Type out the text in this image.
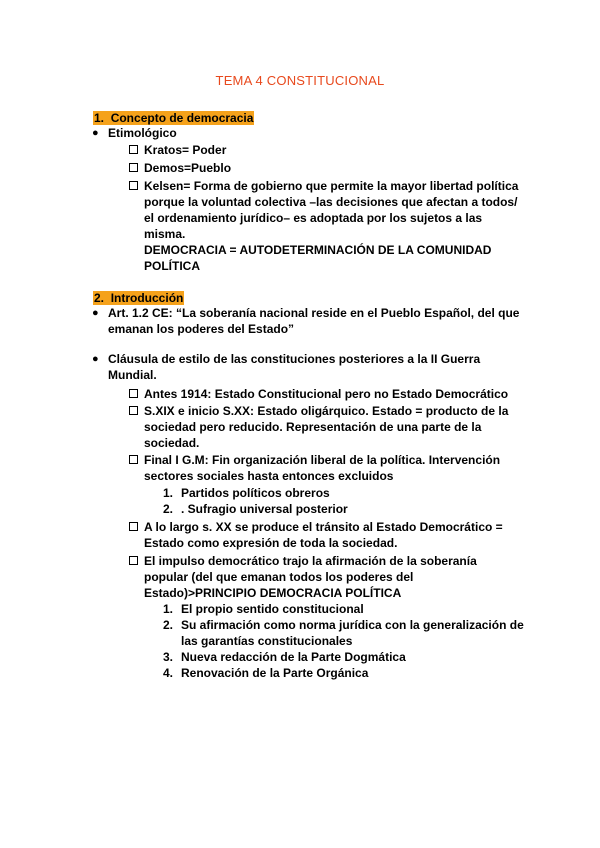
TEMA 4 CONSTITUCIONAL
1. Concepto de democracia
● Etimológico
Kratos= Poder
Demos=Pueblo
Kelsen= Forma de gobierno que permite la mayor libertad política
porque la voluntad colectiva –las decisiones que afectan a todos/
el ordenamiento jurídico– es adoptada por los sujetos a las
misma.
DEMOCRACIA = AUTODETERMINACIÓN DE LA COMUNIDAD
POLÍTICA
2. Introducción
● Art. 1.2 CE: “La soberanía nacional reside en el Pueblo Español, del que
emanan los poderes del Estado”
● Cláusula de estilo de las constituciones posteriores a la II Guerra
Mundial.
Antes 1914: Estado Constitucional pero no Estado Democrático
S.XIX e inicio S.XX: Estado oligárquico. Estado = producto de la
sociedad pero reducido. Representación de una parte de la
sociedad.
Final I G.M: Fin organización liberal de la política. Intervención
sectores sociales hasta entonces excluidos
1. Partidos políticos obreros
2. . Sufragio universal posterior
A lo largo s. XX se produce el tránsito al Estado Democrático =
Estado como expresión de toda la sociedad.
El impulso democrático trajo la afirmación de la soberanía
popular (del que emanan todos los poderes del
Estado)>PRINCIPIO DEMOCRACIA POLÍTICA
1. El propio sentido constitucional
2. Su afirmación como norma jurídica con la generalización de
las garantías constitucionales
3. Nueva redacción de la Parte Dogmática
4. Renovación de la Parte Orgánica
